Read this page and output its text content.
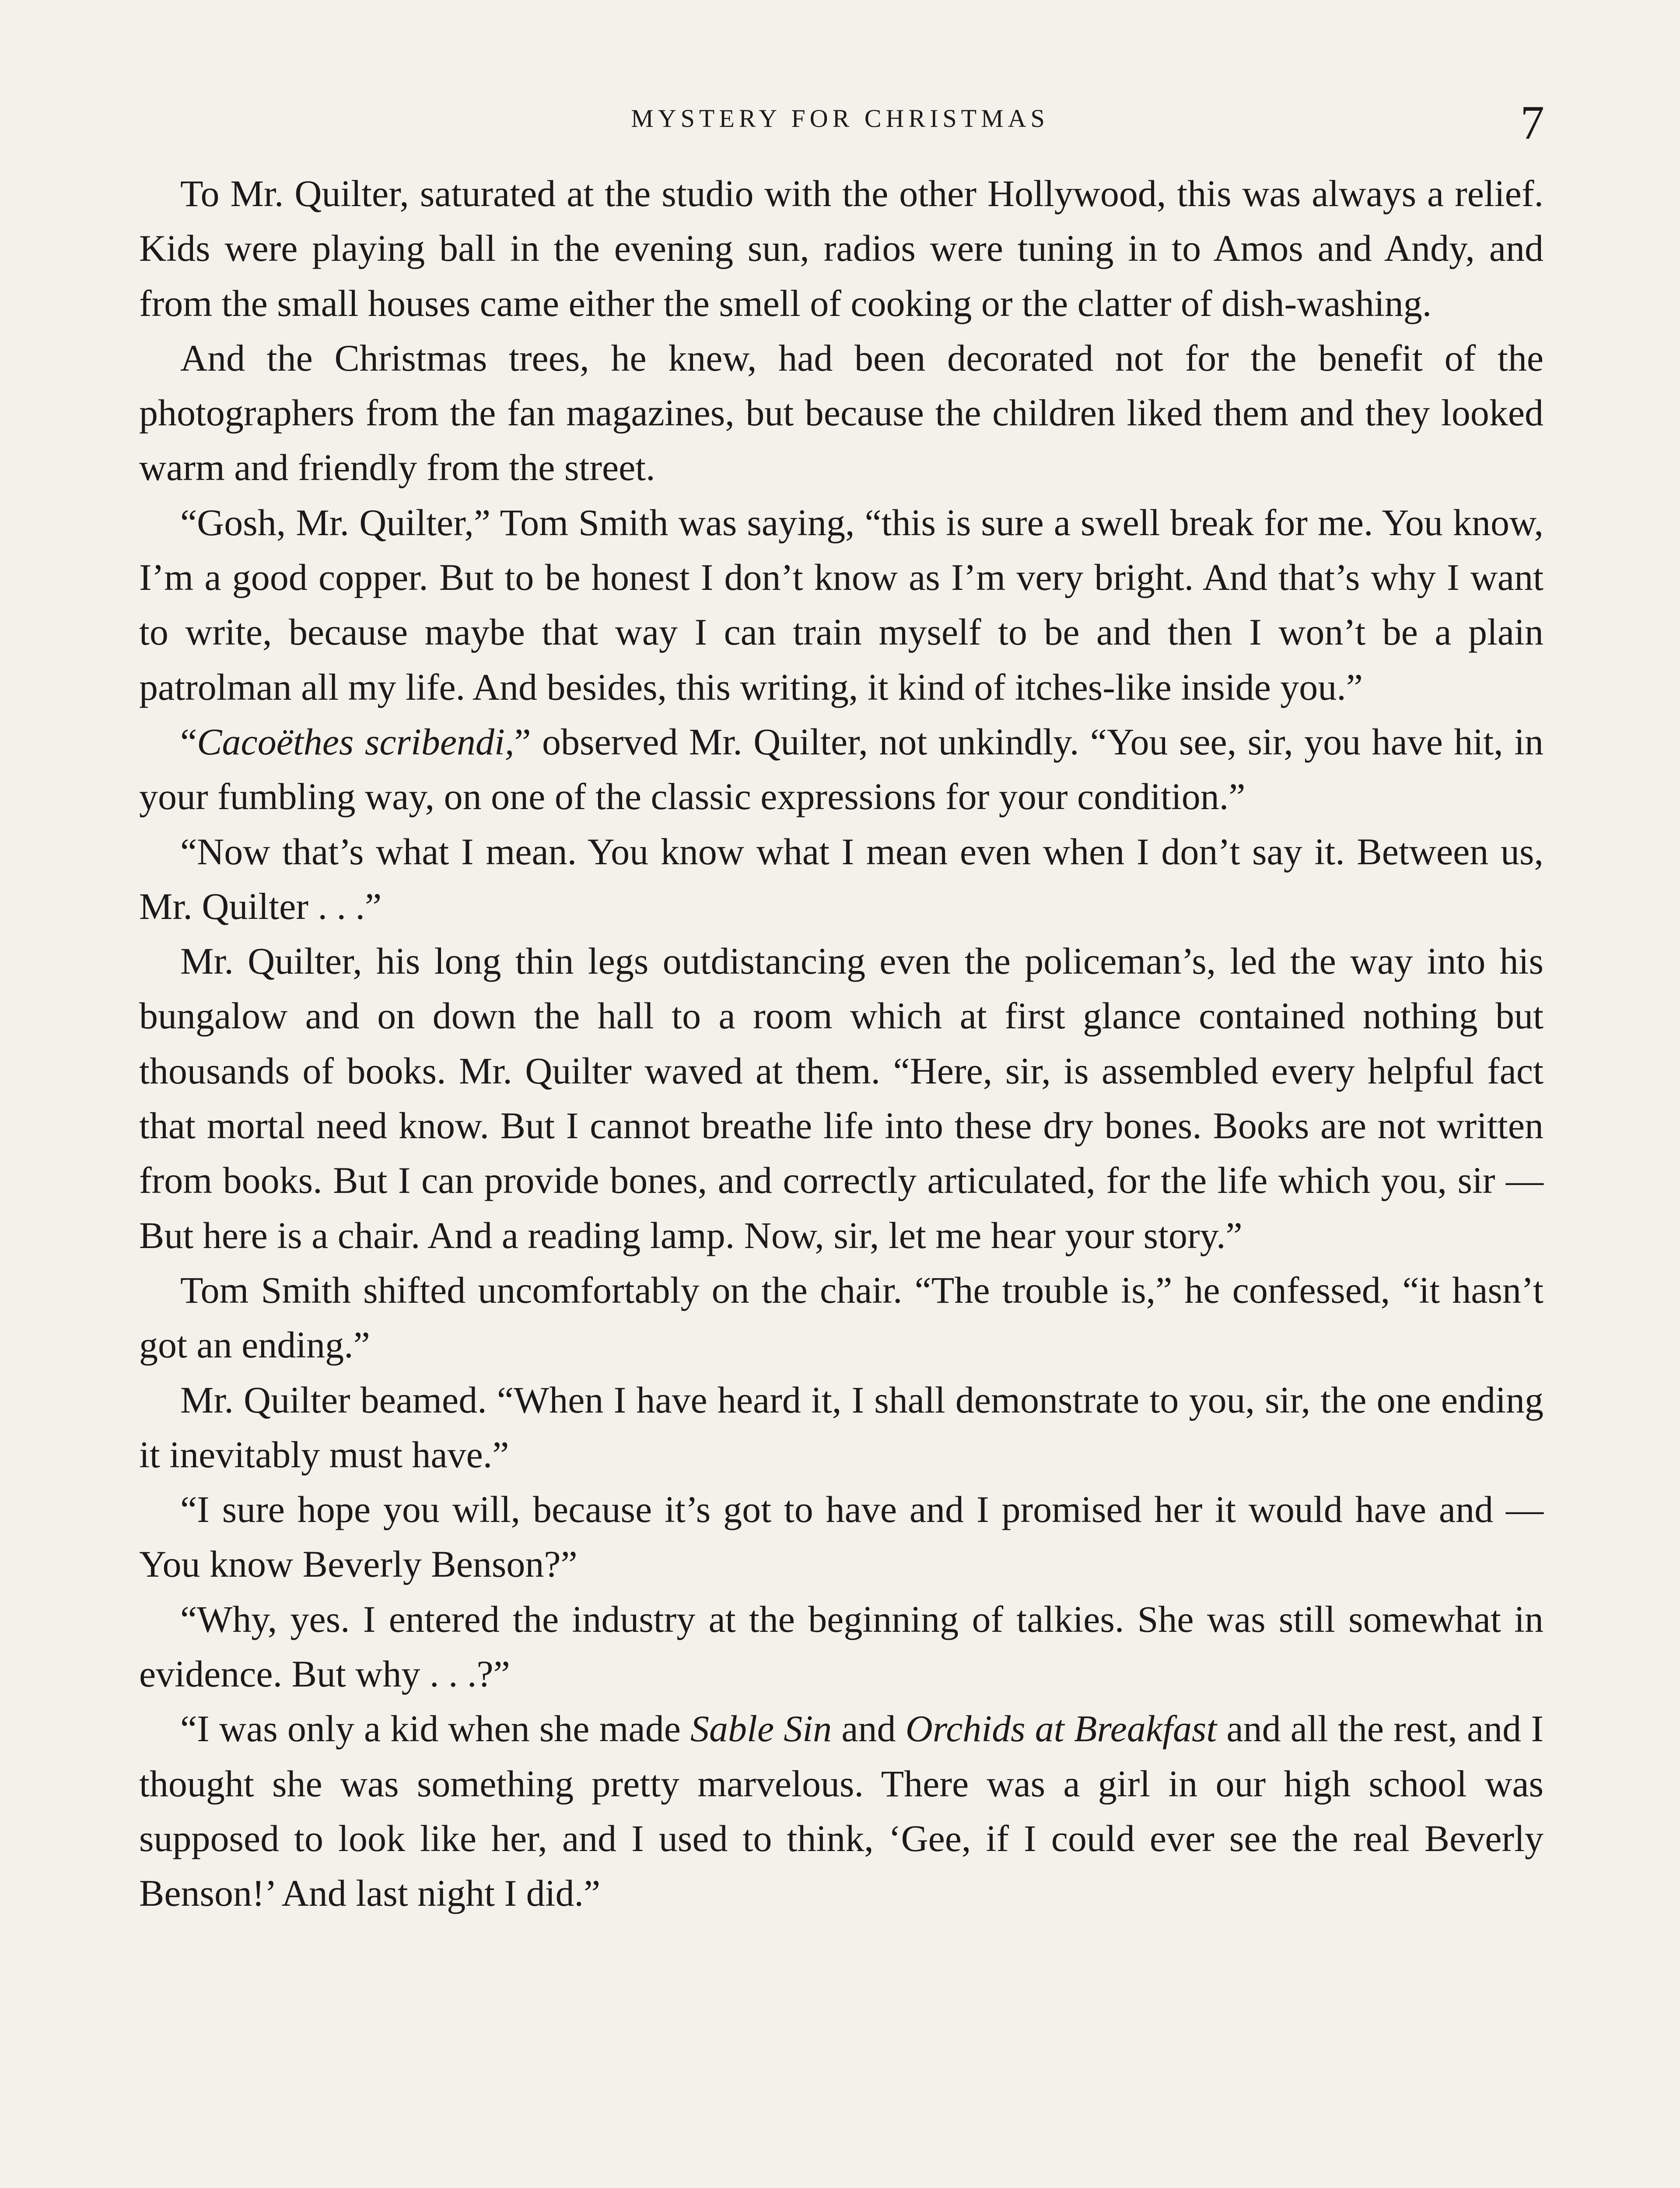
MYSTERY FOR CHRISTMAS	7

To Mr. Quilter, saturated at the studio with the other Hollywood, this was always a relief. Kids were playing ball in the evening sun, radios were tuning in to Amos and Andy, and from the small houses came either the smell of cooking or the clatter of dish-washing.

And the Christmas trees, he knew, had been decorated not for the benefit of the photographers from the fan magazines, but because the children liked them and they looked warm and friendly from the street.

“Gosh, Mr. Quilter,” Tom Smith was saying, “this is sure a swell break for me. You know, I’m a good copper. But to be honest I don’t know as I’m very bright. And that’s why I want to write, because maybe that way I can train myself to be and then I won’t be a plain patrolman all my life. And besides, this writing, it kind of itches-like inside you.”

“Cacoëthes scribendi,” observed Mr. Quilter, not unkindly. “You see, sir, you have hit, in your fumbling way, on one of the classic expressions for your condition.”

“Now that’s what I mean. You know what I mean even when I don’t say it. Between us, Mr. Quilter . . .”

Mr. Quilter, his long thin legs outdistancing even the policeman’s, led the way into his bungalow and on down the hall to a room which at first glance contained nothing but thousands of books. Mr. Quilter waved at them. “Here, sir, is assembled every helpful fact that mortal need know. But I cannot breathe life into these dry bones. Books are not written from books. But I can provide bones, and correctly articulated, for the life which you, sir — But here is a chair. And a reading lamp. Now, sir, let me hear your story.”

Tom Smith shifted uncomfortably on the chair. “The trouble is,” he confessed, “it hasn’t got an ending.”

Mr. Quilter beamed. “When I have heard it, I shall demonstrate to you, sir, the one ending it inevitably must have.”

“I sure hope you will, because it’s got to have and I promised her it would have and — You know Beverly Benson?”

“Why, yes. I entered the industry at the beginning of talkies. She was still somewhat in evidence. But why . . .?”

“I was only a kid when she made Sable Sin and Orchids at Breakfast and all the rest, and I thought she was something pretty marvelous. There was a girl in our high school was supposed to look like her, and I used to think, ‘Gee, if I could ever see the real Beverly Benson!’ And last night I did.”
